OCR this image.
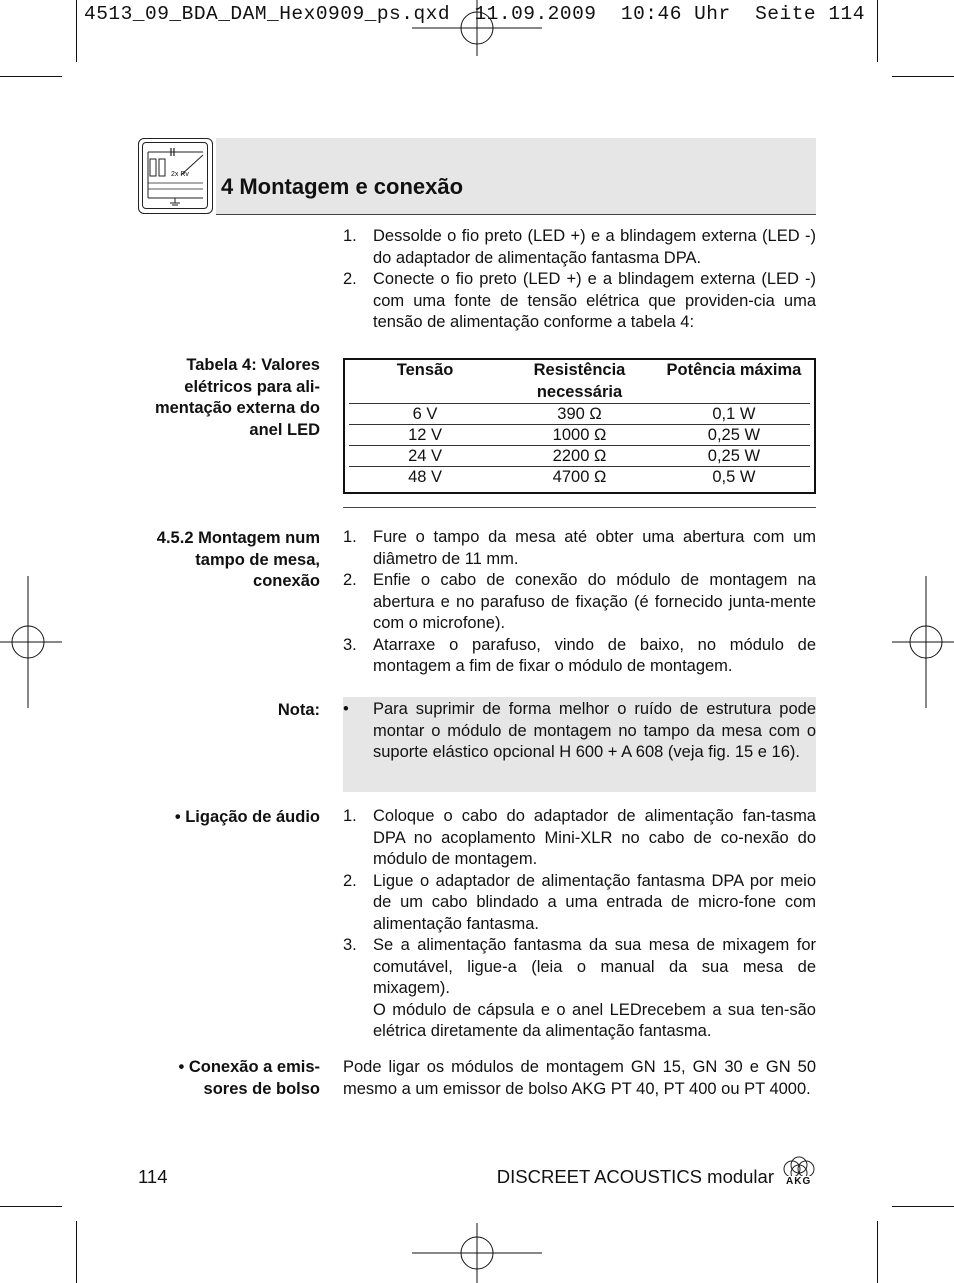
4513_09_BDA_DAM_Hex0909_ps.qxd  11.09.2009  10:46 Uhr  Seite 114
2x Rv 4 Montagem e conexão
1. Dessolde o fio preto (LED +) e a blindagem externa (LED -) do adaptador de alimentação fantasma DPA.
2. Conecte o fio preto (LED +) e a blindagem externa (LED -) com uma fonte de tensão elétrica que providen-cia uma tensão de alimentação conforme a tabela 4:
Tabela 4: Valores elétricos para ali-mentação externa do anel LED
Tensão	Resistência necessária	Potência máxima
6 V	390 Ω	0,1 W
12 V	1000 Ω	0,25 W
24 V	2200 Ω	0,25 W
48 V	4700 Ω	0,5 W
4.5.2 Montagem num tampo de mesa, conexão
1. Fure o tampo da mesa até obter uma abertura com um diâmetro de 11 mm.
2. Enfie o cabo de conexão do módulo de montagem na abertura e no parafuso de fixação (é fornecido junta-mente com o microfone).
3. Atarraxe o parafuso, vindo de baixo, no módulo de montagem a fim de fixar o módulo de montagem.
Nota: • Para suprimir de forma melhor o ruído de estrutura pode montar o módulo de montagem no tampo da mesa com o suporte elástico opcional H 600 + A 608 (veja fig. 15 e 16).
• Ligação de áudio 1. Coloque o cabo do adaptador de alimentação fan-tasma DPA no acoplamento Mini-XLR no cabo de co-nexão do módulo de montagem.
2. Ligue o adaptador de alimentação fantasma DPA por meio de um cabo blindado a uma entrada de micro-fone com alimentação fantasma.
3. Se a alimentação fantasma da sua mesa de mixagem for comutável, ligue-a (leia o manual da sua mesa de mixagem).
O módulo de cápsula e o anel LEDrecebem a sua ten-são elétrica diretamente da alimentação fantasma.
• Conexão a emis-sores de bolso
Pode ligar os módulos de montagem GN 15, GN 30 e GN 50 mesmo a um emissor de bolso AKG PT 40, PT 400 ou PT 4000.
114	DISCREET ACOUSTICS modular AKG
